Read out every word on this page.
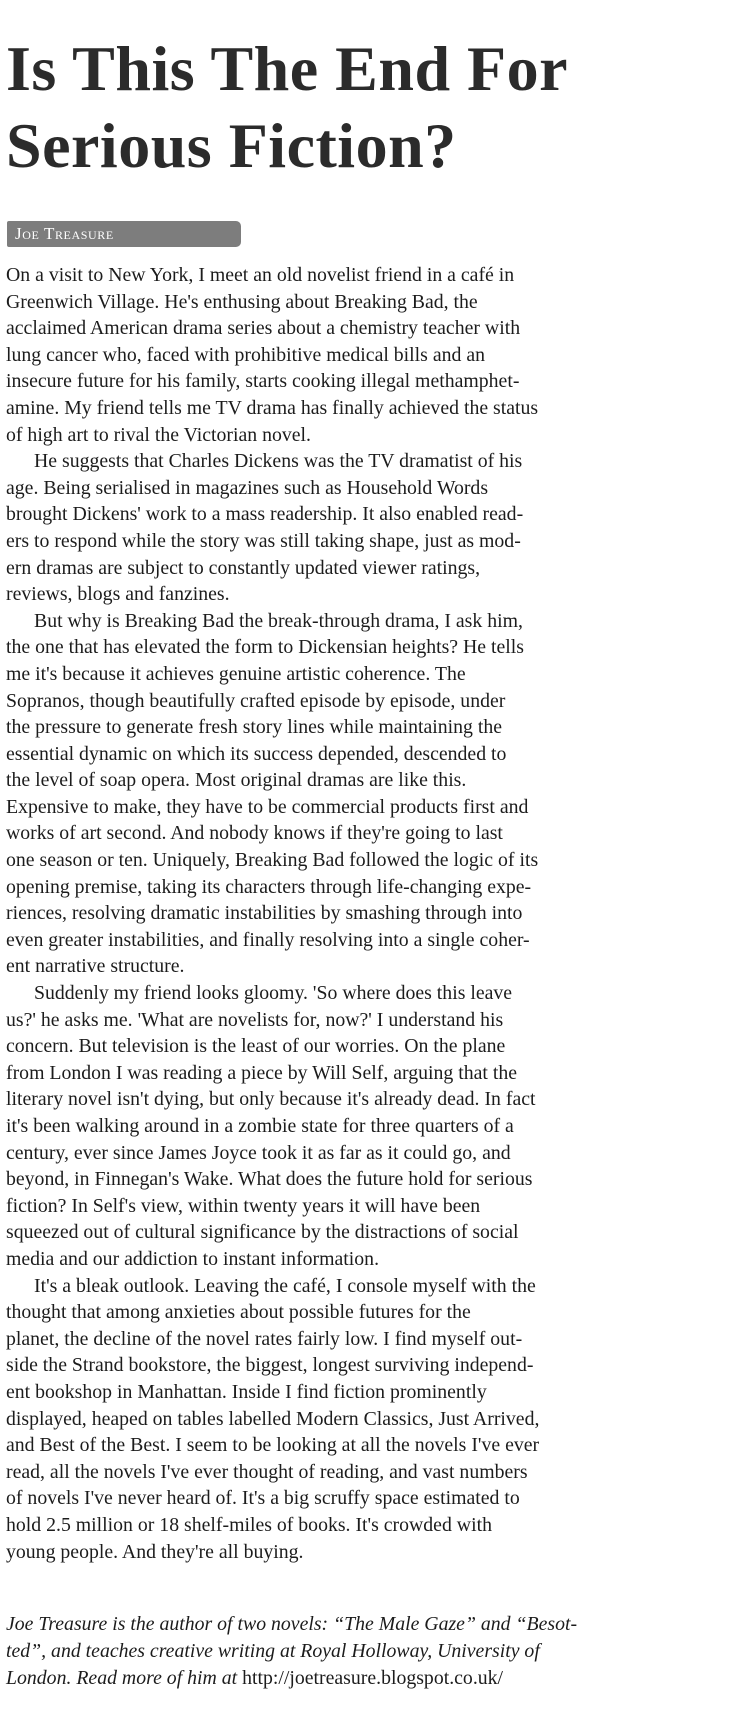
Is This The End For
Serious Fiction?
Joe Treasure
On a visit to New York, I meet an old novelist friend in a café in
Greenwich Village. He's enthusing about Breaking Bad, the
acclaimed American drama series about a chemistry teacher with
lung cancer who, faced with prohibitive medical bills and an
insecure future for his family, starts cooking illegal methamphet-
amine. My friend tells me TV drama has finally achieved the status
of high art to rival the Victorian novel.
He suggests that Charles Dickens was the TV dramatist of his
age. Being serialised in magazines such as Household Words
brought Dickens' work to a mass readership. It also enabled read-
ers to respond while the story was still taking shape, just as mod-
ern dramas are subject to constantly updated viewer ratings,
reviews, blogs and fanzines.
But why is Breaking Bad the break-through drama, I ask him,
the one that has elevated the form to Dickensian heights? He tells
me it's because it achieves genuine artistic coherence. The
Sopranos, though beautifully crafted episode by episode, under
the pressure to generate fresh story lines while maintaining the
essential dynamic on which its success depended, descended to
the level of soap opera. Most original dramas are like this.
Expensive to make, they have to be commercial products first and
works of art second. And nobody knows if they're going to last
one season or ten. Uniquely, Breaking Bad followed the logic of its
opening premise, taking its characters through life-changing expe-
riences, resolving dramatic instabilities by smashing through into
even greater instabilities, and finally resolving into a single coher-
ent narrative structure.
Suddenly my friend looks gloomy. 'So where does this leave
us?' he asks me. 'What are novelists for, now?' I understand his
concern. But television is the least of our worries. On the plane
from London I was reading a piece by Will Self, arguing that the
literary novel isn't dying, but only because it's already dead. In fact
it's been walking around in a zombie state for three quarters of a
century, ever since James Joyce took it as far as it could go, and
beyond, in Finnegan's Wake. What does the future hold for serious
fiction? In Self's view, within twenty years it will have been
squeezed out of cultural significance by the distractions of social
media and our addiction to instant information.
It's a bleak outlook. Leaving the café, I console myself with the
thought that among anxieties about possible futures for the
planet, the decline of the novel rates fairly low. I find myself out-
side the Strand bookstore, the biggest, longest surviving independ-
ent bookshop in Manhattan. Inside I find fiction prominently
displayed, heaped on tables labelled Modern Classics, Just Arrived,
and Best of the Best. I seem to be looking at all the novels I've ever
read, all the novels I've ever thought of reading, and vast numbers
of novels I've never heard of. It's a big scruffy space estimated to
hold 2.5 million or 18 shelf-miles of books. It's crowded with
young people. And they're all buying.
Joe Treasure is the author of two novels: “The Male Gaze” and “Besot-
ted”, and teaches creative writing at Royal Holloway, University of
London. Read more of him at http://joetreasure.blogspot.co.uk/
